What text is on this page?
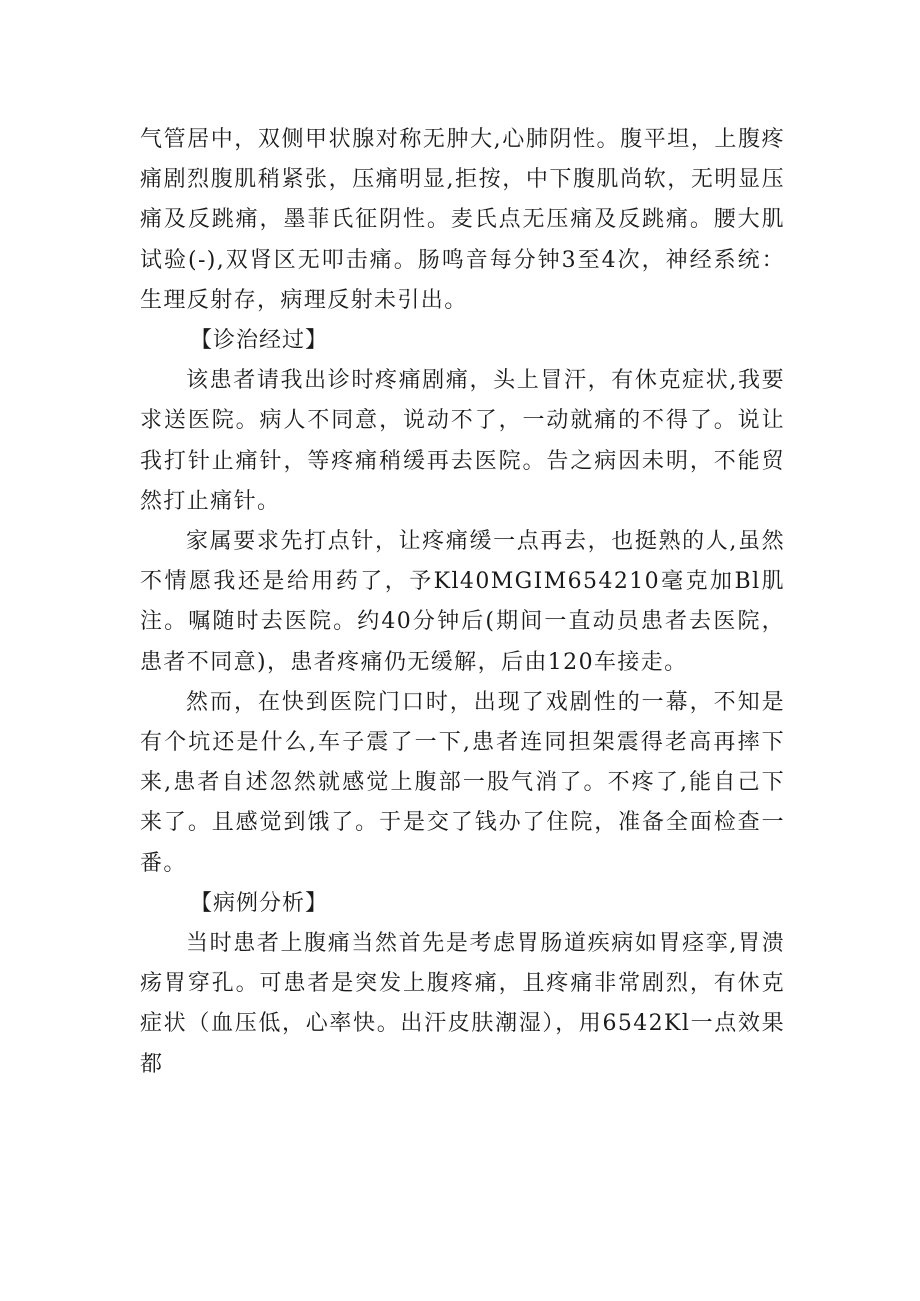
气管居中，双侧甲状腺对称无肿大,心肺阴性。腹平坦，上腹疼痛剧烈腹肌稍紧张，压痛明显,拒按，中下腹肌尚软，无明显压痛及反跳痛，墨菲氏征阴性。麦氏点无压痛及反跳痛。腰大肌试验(-),双肾区无叩击痛。肠鸣音每分钟3至4次，神经系统：生理反射存，病理反射未引出。

【诊治经过】

该患者请我出诊时疼痛剧痛，头上冒汗，有休克症状,我要求送医院。病人不同意，说动不了，一动就痛的不得了。说让我打针止痛针，等疼痛稍缓再去医院。告之病因未明，不能贸然打止痛针。

家属要求先打点针，让疼痛缓一点再去，也挺熟的人,虽然不情愿我还是给用药了，予Kl40MGIM654210毫克加Bl肌注。嘱随时去医院。约40分钟后(期间一直动员患者去医院，患者不同意)，患者疼痛仍无缓解，后由120车接走。

然而，在快到医院门口时，出现了戏剧性的一幕，不知是有个坑还是什么,车子震了一下,患者连同担架震得老高再摔下来,患者自述忽然就感觉上腹部一股气消了。不疼了,能自己下来了。且感觉到饿了。于是交了钱办了住院，准备全面检查一番。

【病例分析】

当时患者上腹痛当然首先是考虑胃肠道疾病如胃痉挛,胃溃疡胃穿孔。可患者是突发上腹疼痛，且疼痛非常剧烈，有休克症状（血压低，心率快。出汗皮肤潮湿），用6542Kl一点效果都
